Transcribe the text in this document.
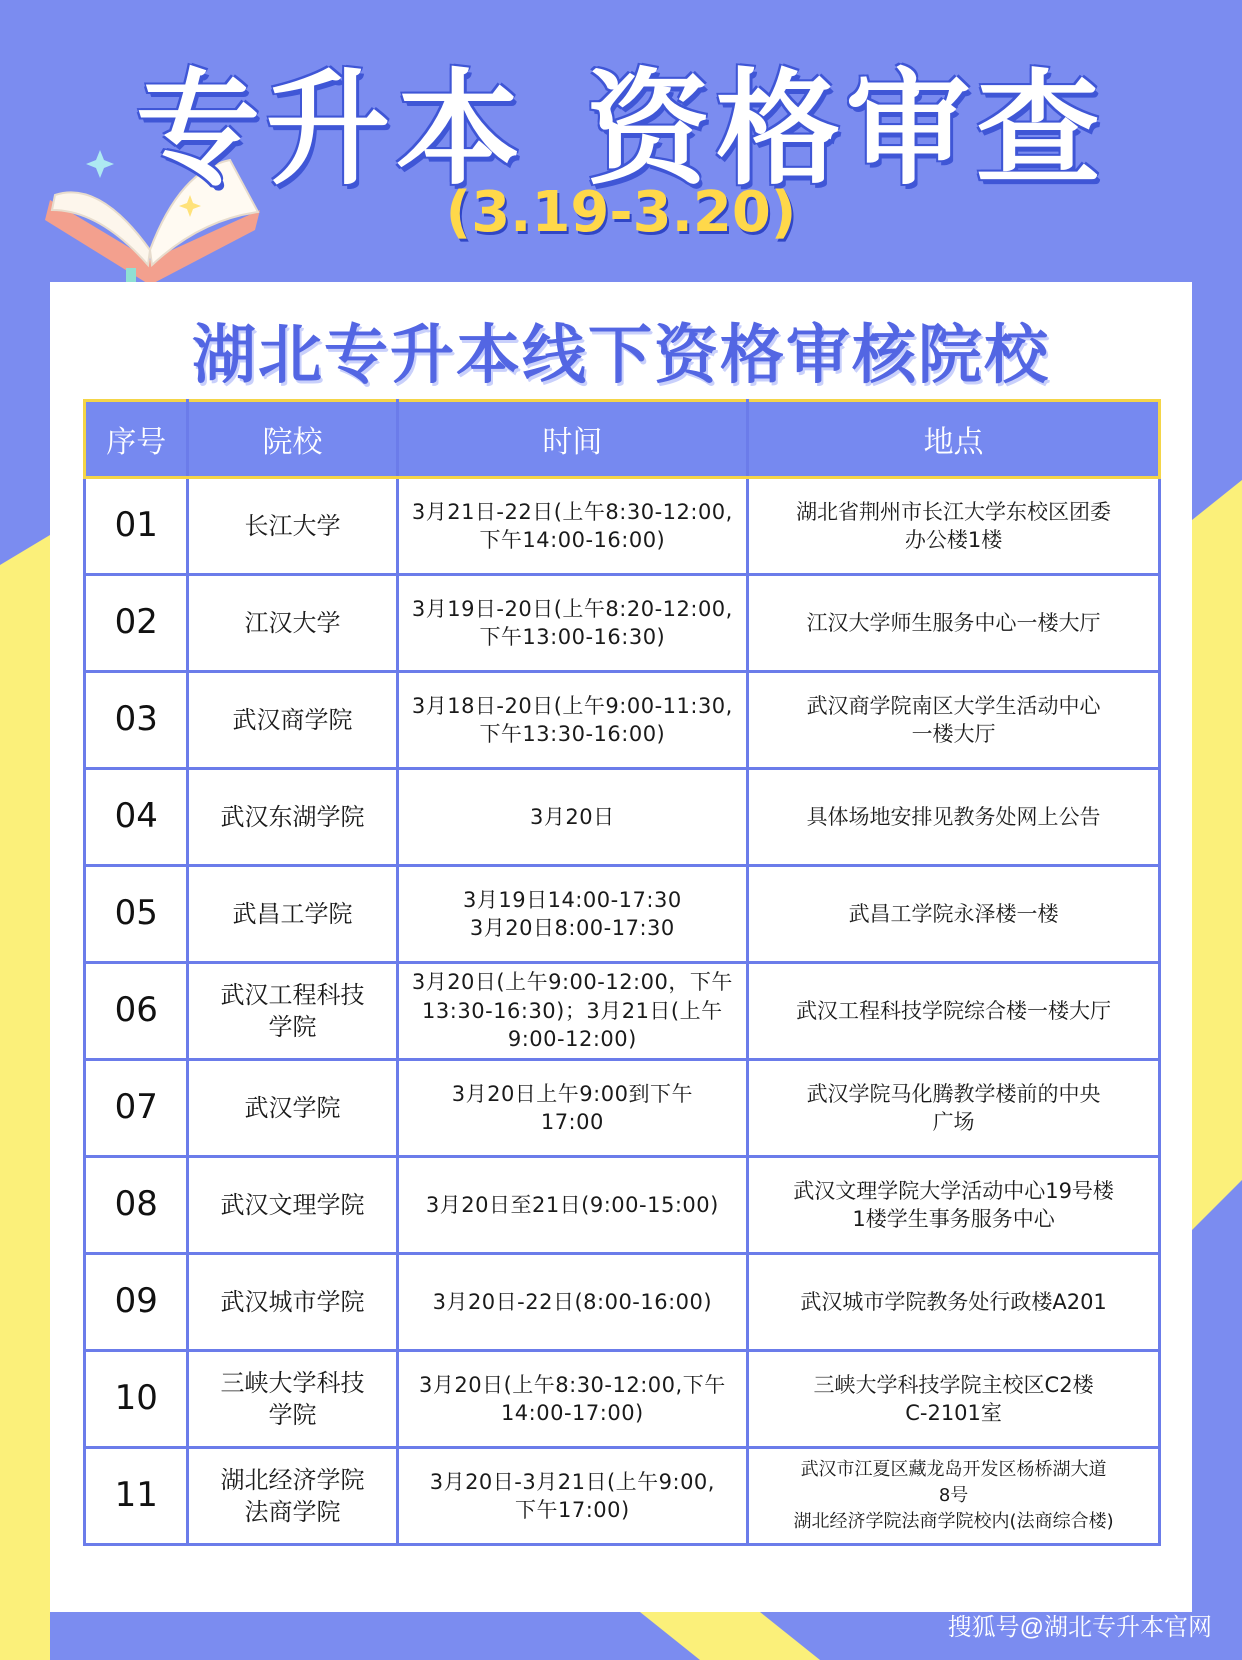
专升本 资格审查
(3.19-3.20)
湖北专升本线下资格审核院校
序号	院校	时间	地点
01	长江大学	3月21日-22日(上午8:30-12:00,
下午14:00-16:00)	湖北省荆州市长江大学东校区团委
办公楼1楼
02	江汉大学	3月19日-20日(上午8:20-12:00,
下午13:00-16:30)	江汉大学师生服务中心一楼大厅
03	武汉商学院	3月18日-20日(上午9:00-11:30,
下午13:30-16:00)	武汉商学院南区大学生活动中心
一楼大厅
04	武汉东湖学院	3月20日	具体场地安排见教务处网上公告
05	武昌工学院	3月19日14:00-17:30
3月20日8:00-17:30	武昌工学院永泽楼一楼
06	武汉工程科技
学院	3月20日(上午9:00-12:00，下午
13:30-16:30)；3月21日(上午
9:00-12:00)	武汉工程科技学院综合楼一楼大厅
07	武汉学院	3月20日上午9:00到下午
17:00	武汉学院马化腾教学楼前的中央
广场
08	武汉文理学院	3月20日至21日(9:00-15:00)	武汉文理学院大学活动中心19号楼
1楼学生事务服务中心
09	武汉城市学院	3月20日-22日(8:00-16:00)	武汉城市学院教务处行政楼A201
10	三峡大学科技
学院	3月20日(上午8:30-12:00,下午
14:00-17:00)	三峡大学科技学院主校区C2楼
C-2101室
11	湖北经济学院
法商学院	3月20日-3月21日(上午9:00,
下午17:00)	武汉市江夏区藏龙岛开发区杨桥湖大道
8号
湖北经济学院法商学院校内(法商综合楼)
搜狐号@湖北专升本官网
